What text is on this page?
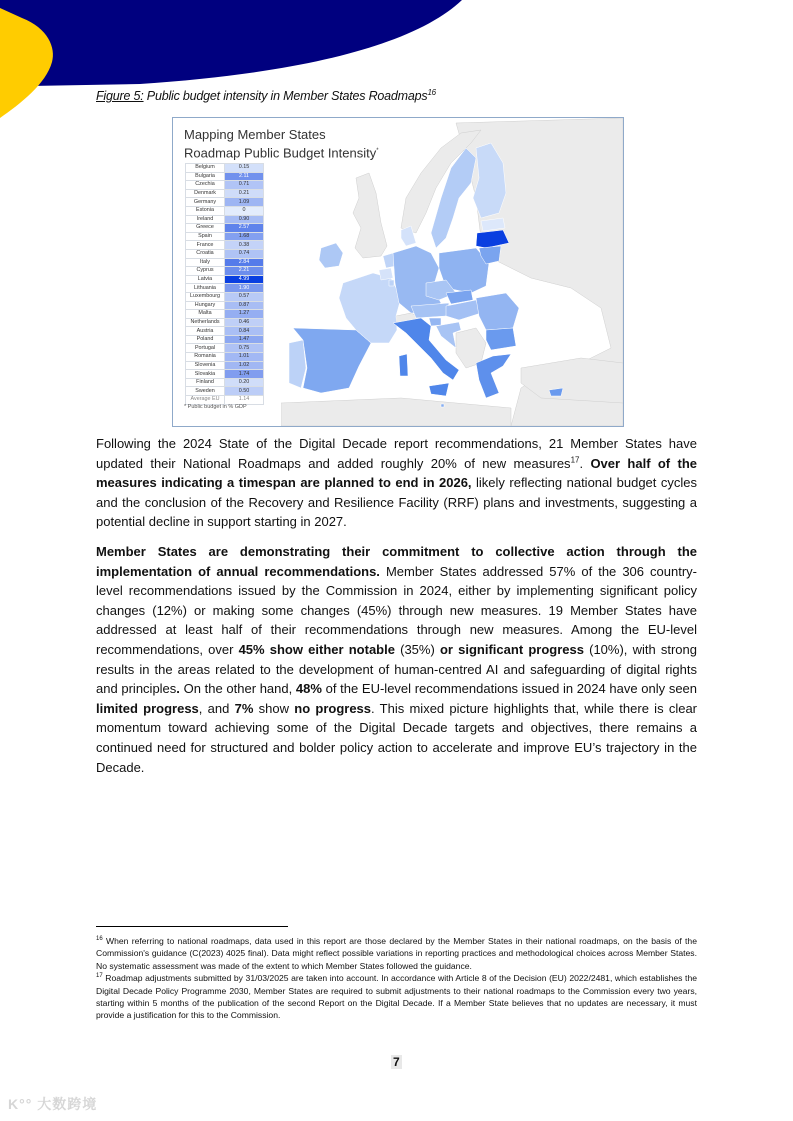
Figure 5: Public budget intensity in Member States Roadmaps$^{16}$
Mapping Member States
Roadmap Public Budget Intensity*
Belgium	0.15
Bulgaria	2.11
Czechia	0.71
Denmark	0.21
Germany	1.09
Estonia	0
Ireland	0.90
Greece	2.57
Spain	1.68
France	0.38
Croatia	0.74
Italy	2.84
Cyprus	2.21
Latvia	4.99
Lithuania	1.90
Luxembourg	0.57
Hungary	0.87
Malta	1.27
Netherlands	0.46
Austria	0.84
Poland	1.47
Portugal	0.75
Romania	1.01
Slovenia	1.02
Slovakia	1.74
Finland	0.20
Sweden	0.50
Average EU	1.14
* Public budget in % GDP
Following the 2024 State of the Digital Decade report recommendations, 21 Member States have updated their National Roadmaps and added roughly 20% of new measures$^{17}$. Over half of the measures indicating a timespan are planned to end in 2026, likely reflecting national budget cycles and the conclusion of the Recovery and Resilience Facility (RRF) plans and investments, suggesting a potential decline in support starting in 2027.
Member States are demonstrating their commitment to collective action through the implementation of annual recommendations. Member States addressed 57% of the 306 country-level recommendations issued by the Commission in 2024, either by implementing significant policy changes (12%) or making some changes (45%) through new measures. 19 Member States have addressed at least half of their recommendations through new measures. Among the EU-level recommendations, over 45% show either notable (35%) or significant progress (10%), with strong results in the areas related to the development of human-centred AI and safeguarding of digital rights and principles. On the other hand, 48% of the EU-level recommendations issued in 2024 have only seen limited progress, and 7% show no progress. This mixed picture highlights that, while there is clear momentum toward achieving some of the Digital Decade targets and objectives, there remains a continued need for structured and bolder policy action to accelerate and improve EU’s trajectory in the Decade.

$^{16}$ When referring to national roadmaps, data used in this report are those declared by the Member States in their national roadmaps, on the basis of the Commission's guidance (C(2023) 4025 final). Data might reflect possible variations in reporting practices and methodological choices across Member States. No systematic assessment was made of the extent to which Member States followed the guidance.

$^{17}$ Roadmap adjustments submitted by 31/03/2025 are taken into account. In accordance with Article 8 of the Decision (EU) 2022/2481, which establishes the Digital Decade Policy Programme 2030, Member States are required to submit adjustments to their national roadmaps to the Commission every two years, starting within 5 months of the publication of the second Report on the Digital Decade. If a Member State believes that no updates are necessary, it must provide a justification for this to the Commission.

7
K°° 大数跨境
